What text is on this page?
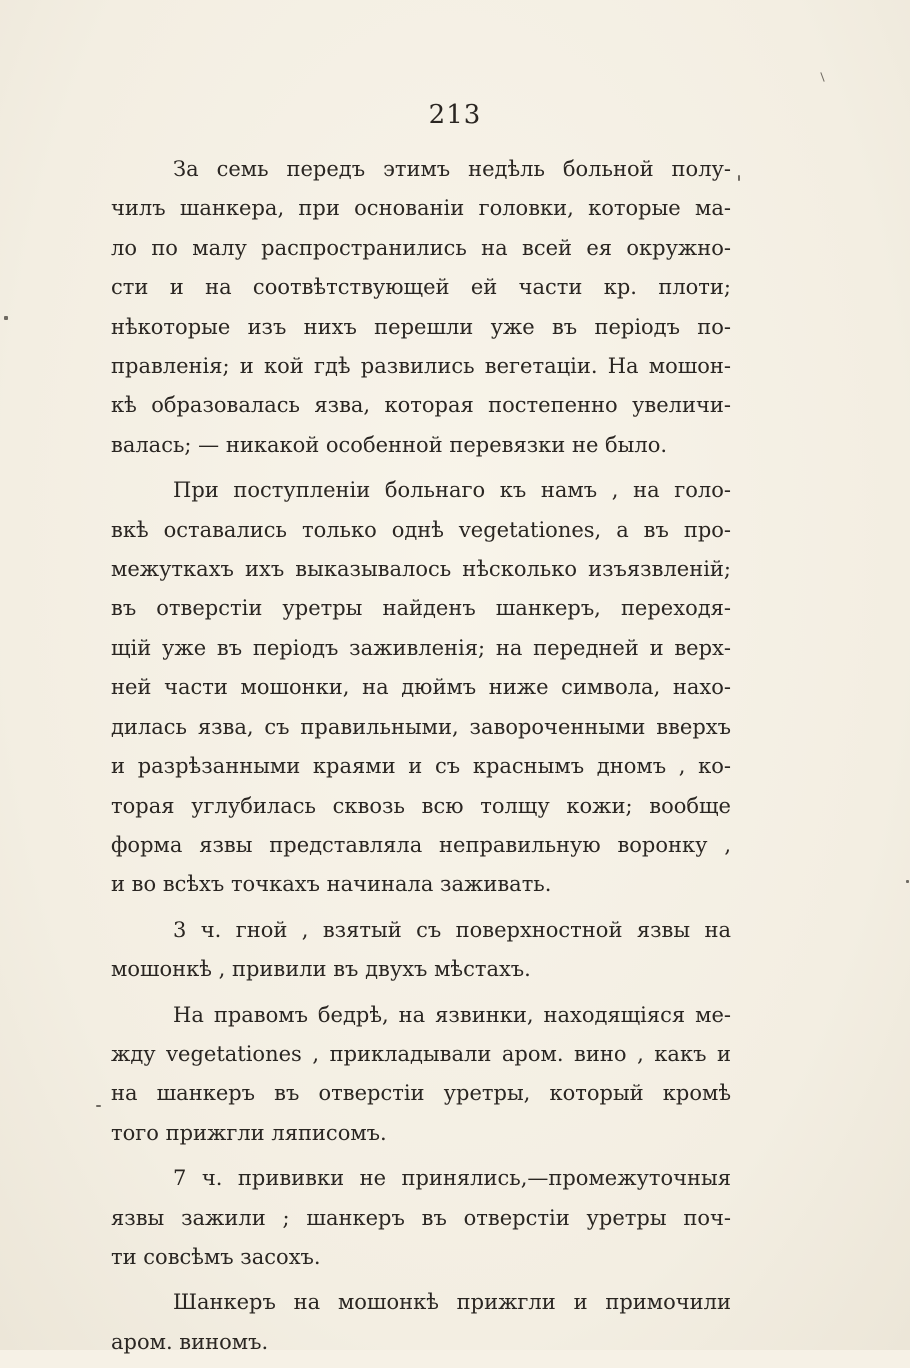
213

За семь передъ этимъ недѣль больной полу-
чилъ шанкера, при основаніи головки, которые ма-
ло по малу распространились на всей ея окружно-
сти и на соотвѣтствующей ей части кр. плоти;
нѣкоторые изъ нихъ перешли уже въ періодъ по-
правленія; и кой гдѣ развились вегетаціи. На мошон-
кѣ образовалась язва, которая постепенно увеличи-
валась; — никакой особенной перевязки не было.

При поступленіи больнаго къ намъ , на голо-
вкѣ оставались только однѣ vegetationes, а въ про-
межуткахъ ихъ выказывалось нѣсколько изъязвленій;
въ отверстіи уретры найденъ шанкеръ, переходя-
щій уже въ періодъ заживленія; на передней и верх-
ней части мошонки, на дюймъ ниже символа, нахо-
дилась язва, съ правильными, завороченными вверхъ
и разрѣзанными краями и съ краснымъ дномъ , ко-
торая углубилась сквозь всю толщу кожи; вообще
форма язвы представляла неправильную воронку ,
и во всѣхъ точкахъ начинала заживать.

3 ч. гной , взятый съ поверхностной язвы на
мошонкѣ , привили въ двухъ мѣстахъ.

На правомъ бедрѣ, на язвинки, находящіяся ме-
жду vegetationes , прикладывали аром. вино , какъ и
на шанкеръ въ отверстіи уретры, который кромѣ
того прижгли ляписомъ.

7 ч. прививки не принялись,—промежуточныя
язвы зажили ; шанкеръ въ отверстіи уретры поч-
ти совсѣмъ засохъ.

Шанкеръ на мошонкѣ прижгли и примочили
аром. виномъ.
